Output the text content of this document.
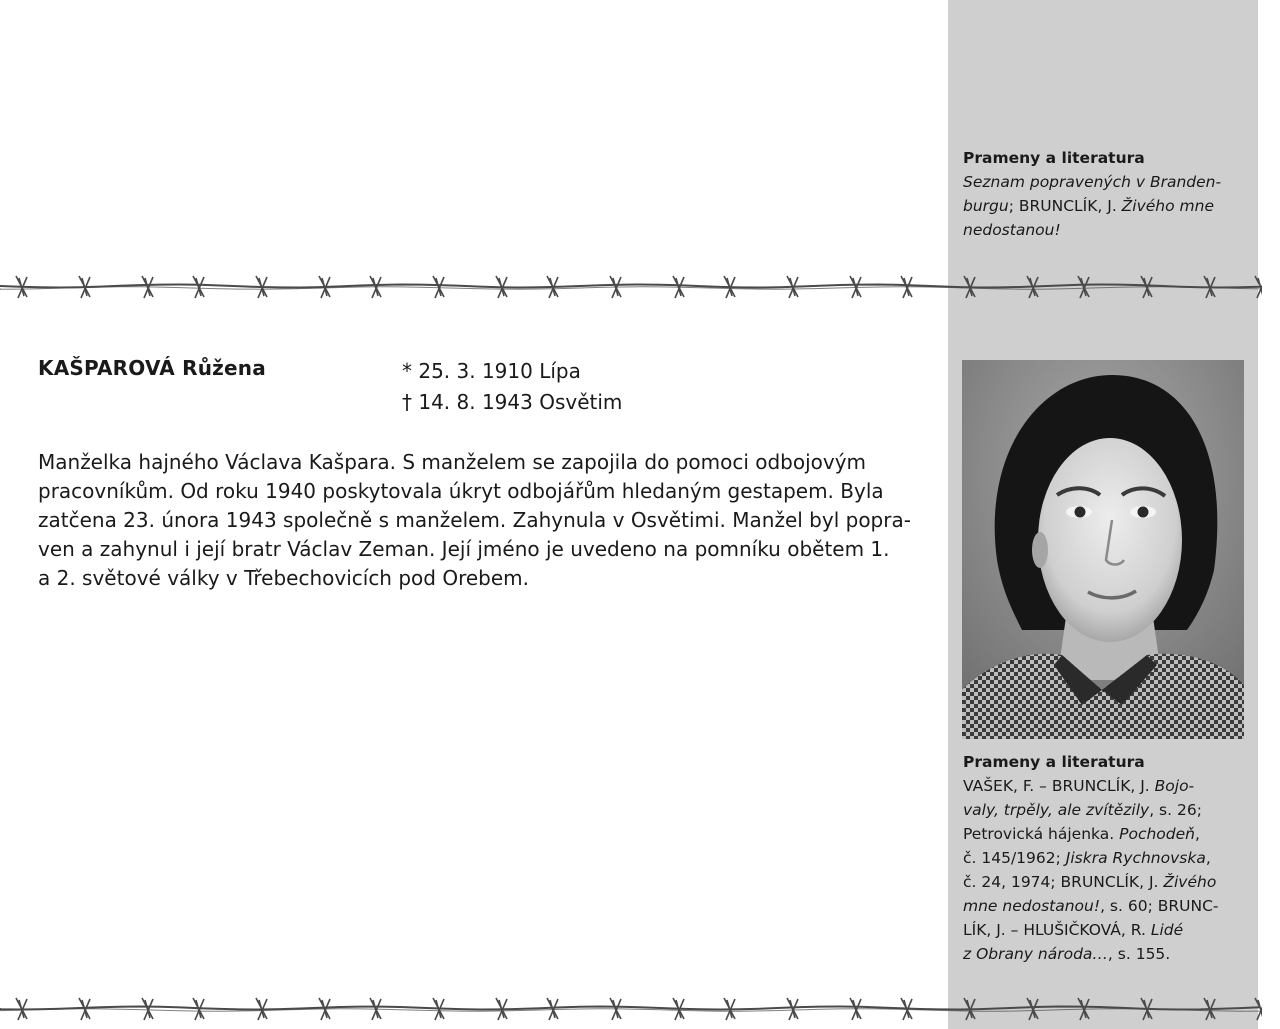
Prameny a literatura
Seznam popravených v Branden-
burgu; BRUNCLÍK, J. Živého mne
nedostanou!
KAŠPAROVÁ Růžena	* 25. 3. 1910 Lípa
† 14. 8. 1943 Osvětim
Manželka hajného Václava Kašpara. S manželem se zapojila do pomoci odbojovým
pracovníkům. Od roku 1940 poskytovala úkryt odbojářům hledaným gestapem. Byla
zatčena 23. února 1943 společně s manželem. Zahynula v Osvětimi. Manžel byl popra-
ven a zahynul i její bratr Václav Zeman. Její jméno je uvedeno na pomníku obětem 1.
a 2. světové války v Třebechovicích pod Orebem.
Prameny a literatura
VAŠEK, F. – BRUNCLÍK, J. Bojo-
valy, trpěly, ale zvítězily, s. 26;
Petrovická hájenka. Pochodeň,
č. 145/1962; Jiskra Rychnovska,
č. 24, 1974; BRUNCLÍK, J. Živého
mne nedostanou!, s. 60; BRUNC-
LÍK, J. – HLUŠIČKOVÁ, R. Lidé
z Obrany národa…, s. 155.
